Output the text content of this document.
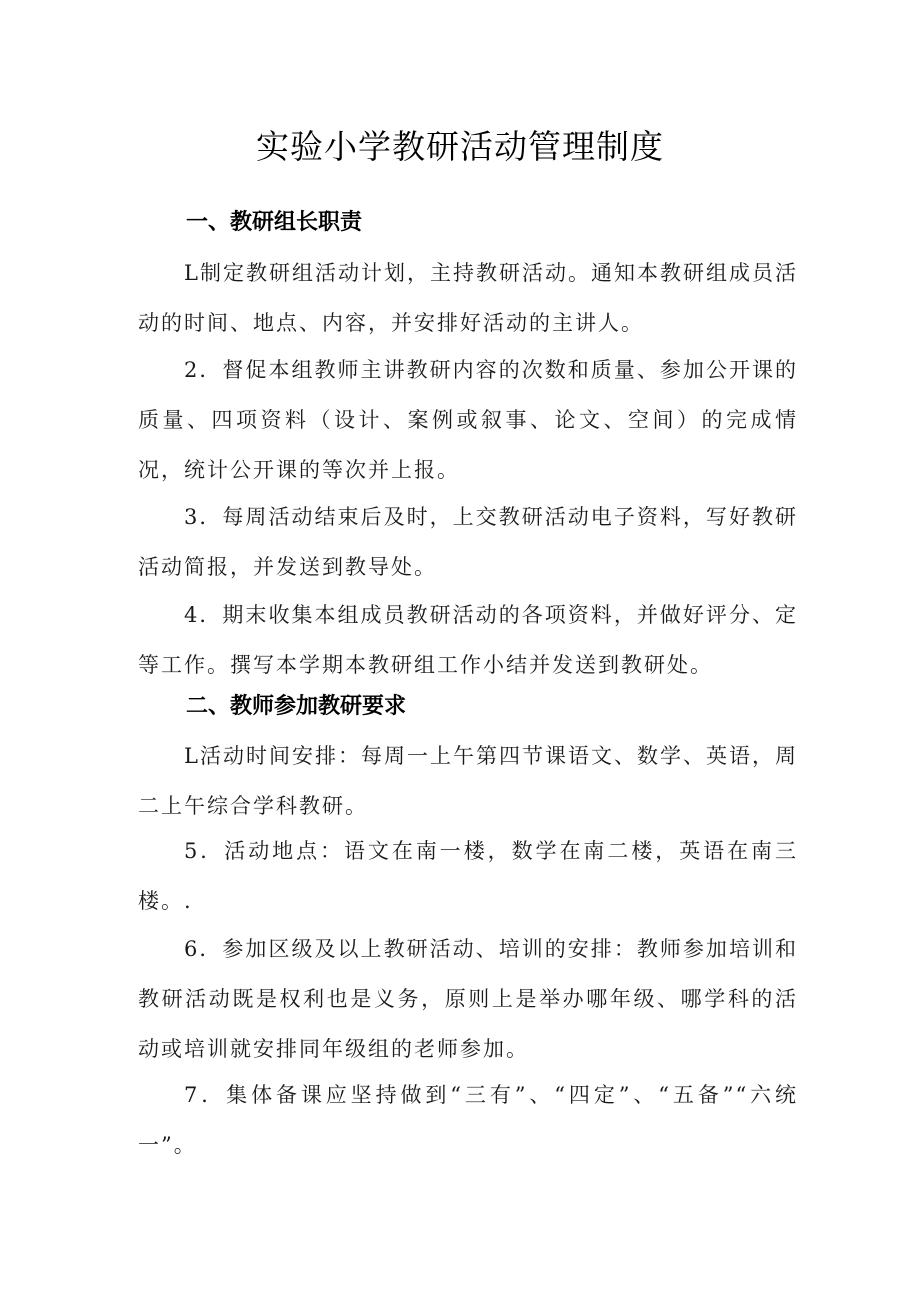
实验小学教研活动管理制度
一、教研组长职责
L制定教研组活动计划，主持教研活动。通知本教研组成员活动的时间、地点、内容，并安排好活动的主讲人。
2．督促本组教师主讲教研内容的次数和质量、参加公开课的质量、四项资料（设计、案例或叙事、论文、空间）的完成情况，统计公开课的等次并上报。
3．每周活动结束后及时，上交教研活动电子资料，写好教研活动简报，并发送到教导处。
4．期末收集本组成员教研活动的各项资料，并做好评分、定等工作。撰写本学期本教研组工作小结并发送到教研处。
二、教师参加教研要求
L活动时间安排：每周一上午第四节课语文、数学、英语，周二上午综合学科教研。
5．活动地点：语文在南一楼，数学在南二楼，英语在南三楼。.
6．参加区级及以上教研活动、培训的安排：教师参加培训和教研活动既是权利也是义务，原则上是举办哪年级、哪学科的活动或培训就安排同年级组的老师参加。
7．集体备课应坚持做到“三有”、“四定”、“五备”“六统一”。
